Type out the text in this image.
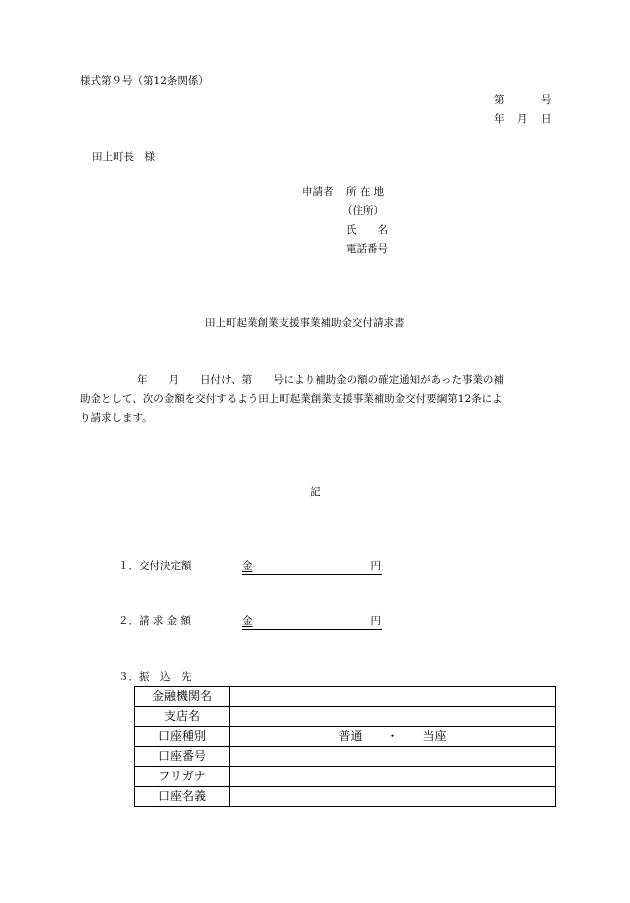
様式第９号（第12条関係）
第	号
年 月 日
田上町長　様
申請者 所 在 地
（住所）
氏　　名
電話番号
田上町起業創業支援事業補助金交付請求書
年　　月　　日付け、第　　号により補助金の額の確定通知があった事業の補
助金として、次の金額を交付するよう田上町起業創業支援事業補助金交付要綱第12条によ
り請求します。
記
１．交付決定額	金	円
２．請 求 金 額	金	円
３．振　込　先
金融機関名	
支店名	
口座種別	普通　　・　　当座
口座番号	
フリガナ	
口座名義	
